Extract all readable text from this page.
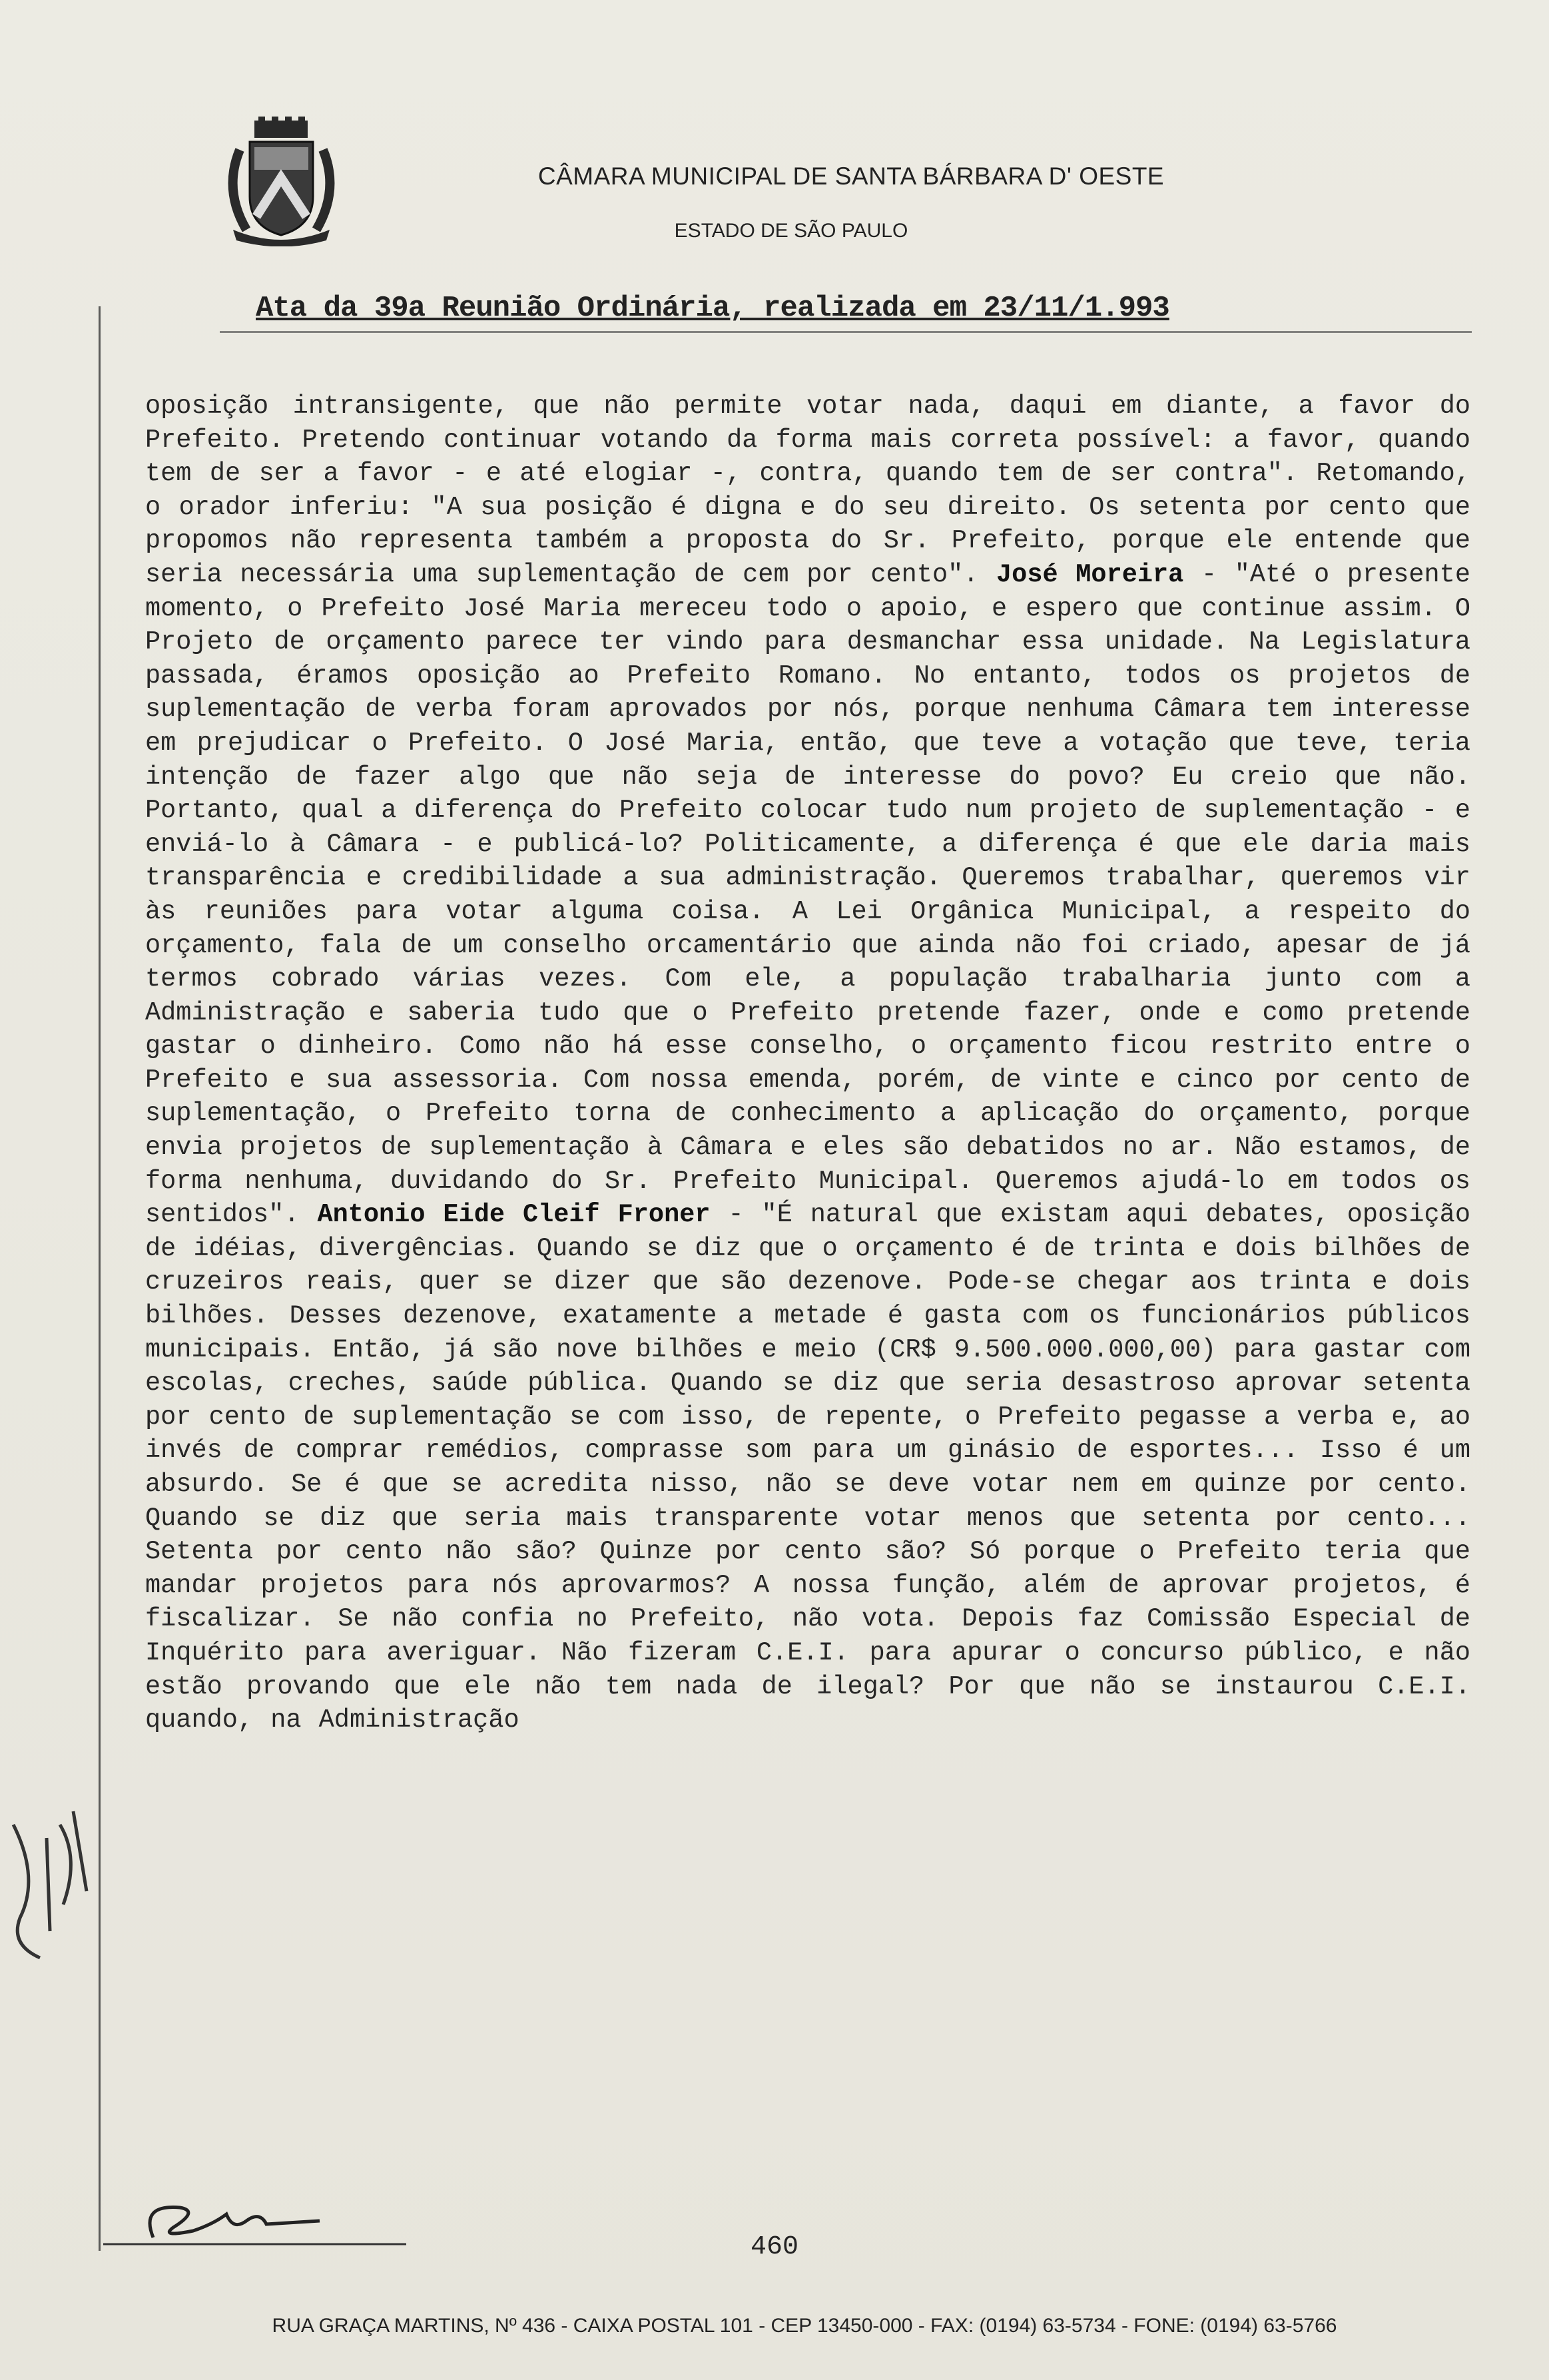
CÂMARA MUNICIPAL DE SANTA BÁRBARA D' OESTE
ESTADO DE SÃO PAULO
Ata da 39a Reunião Ordinária, realizada em 23/11/1.993
oposição intransigente, que não permite votar nada, daqui em diante, a favor do Prefeito. Pretendo continuar votando da forma mais correta possível: a favor, quando tem de ser a favor - e até elogiar -, contra, quando tem de ser contra". Retomando, o orador inferiu: "A sua posição é digna e do seu direito. Os setenta por cento que propomos não representa também a proposta do Sr. Prefeito, porque ele entende que seria necessária uma suplementação de cem por cento". José Moreira - "Até o presente momento, o Prefeito José Maria mereceu todo o apoio, e espero que continue assim. O Projeto de orçamento parece ter vindo para desmanchar essa unidade. Na Legislatura passada, éramos oposição ao Prefeito Romano. No entanto, todos os projetos de suplementação de verba foram aprovados por nós, porque nenhuma Câmara tem interesse em prejudicar o Prefeito. O José Maria, então, que teve a votação que teve, teria intenção de fazer algo que não seja de interesse do povo? Eu creio que não. Portanto, qual a diferença do Prefeito colocar tudo num projeto de suplementação - e enviá-lo à Câmara - e publicá-lo? Politicamente, a diferença é que ele daria mais transparência e credibilidade a sua administração. Queremos trabalhar, queremos vir às reuniões para votar alguma coisa. A Lei Orgânica Municipal, a respeito do orçamento, fala de um conselho orcamentário que ainda não foi criado, apesar de já termos cobrado várias vezes. Com ele, a população trabalharia junto com a Administração e saberia tudo que o Prefeito pretende fazer, onde e como pretende gastar o dinheiro. Como não há esse conselho, o orçamento ficou restrito entre o Prefeito e sua assessoria. Com nossa emenda, porém, de vinte e cinco por cento de suplementação, o Prefeito torna de conhecimento a aplicação do orçamento, porque envia projetos de suplementação à Câmara e eles são debatidos no ar. Não estamos, de forma nenhuma, duvidando do Sr. Prefeito Municipal. Queremos ajudá-lo em todos os sentidos". Antonio Eide Cleif Froner - "É natural que existam aqui debates, oposição de idéias, divergências. Quando se diz que o orçamento é de trinta e dois bilhões de cruzeiros reais, quer se dizer que são dezenove. Pode-se chegar aos trinta e dois bilhões. Desses dezenove, exatamente a metade é gasta com os funcionários públicos municipais. Então, já são nove bilhões e meio (CR$ 9.500.000.000,00) para gastar com escolas, creches, saúde pública. Quando se diz que seria desastroso aprovar setenta por cento de suplementação se com isso, de repente, o Prefeito pegasse a verba e, ao invés de comprar remédios, comprasse som para um ginásio de esportes... Isso é um absurdo. Se é que se acredita nisso, não se deve votar nem em quinze por cento. Quando se diz que seria mais transparente votar menos que setenta por cento... Setenta por cento não são? Quinze por cento são? Só porque o Prefeito teria que mandar projetos para nós aprovarmos? A nossa função, além de aprovar projetos, é fiscalizar. Se não confia no Prefeito, não vota. Depois faz Comissão Especial de Inquérito para averiguar. Não fizeram C.E.I. para apurar o concurso público, e não estão provando que ele não tem nada de ilegal? Por que não se instaurou C.E.I. quando, na Administração
460
RUA GRAÇA MARTINS, Nº 436 - CAIXA POSTAL 101 - CEP 13450-000 - FAX: (0194) 63-5734 - FONE: (0194) 63-5766
